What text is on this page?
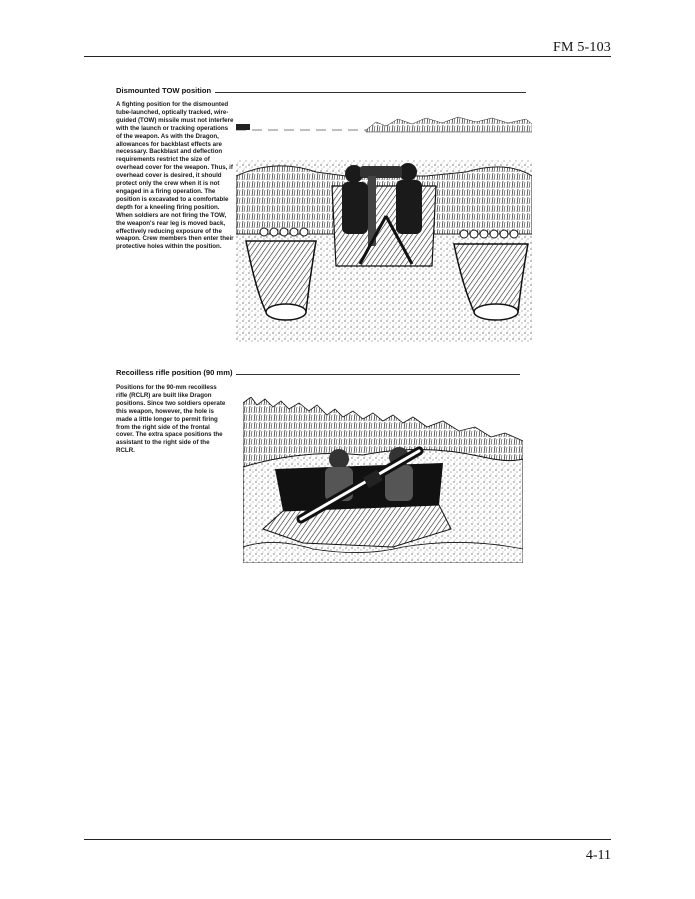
FM 5-103
Dismounted TOW position

A fighting position for the dismounted tube-launched, optically tracked, wire-guided (TOW) missile must not interfere with the launch or tracking operations of the weapon. As with the Dragon, allowances for backblast effects are necessary. Backblast and deflection requirements restrict the size of overhead cover for the weapon. Thus, if overhead cover is desired, it should protect only the crew when it is not engaged in a firing operation. The position is excavated to a comfortable depth for a kneeling firing position. When soldiers are not firing the TOW, the weapon's rear leg is moved back, effectively reducing exposure of the weapon. Crew members then enter their protective holes within the position.

Recoilless rifle position (90 mm)

Positions for the 90-mm recoilless rifle (RCLR) are built like Dragon positions. Since two soldiers operate this weapon, however, the hole is made a little longer to permit firing from the right side of the frontal cover. The extra space positions the assistant to the right side of the RCLR.

4-11
